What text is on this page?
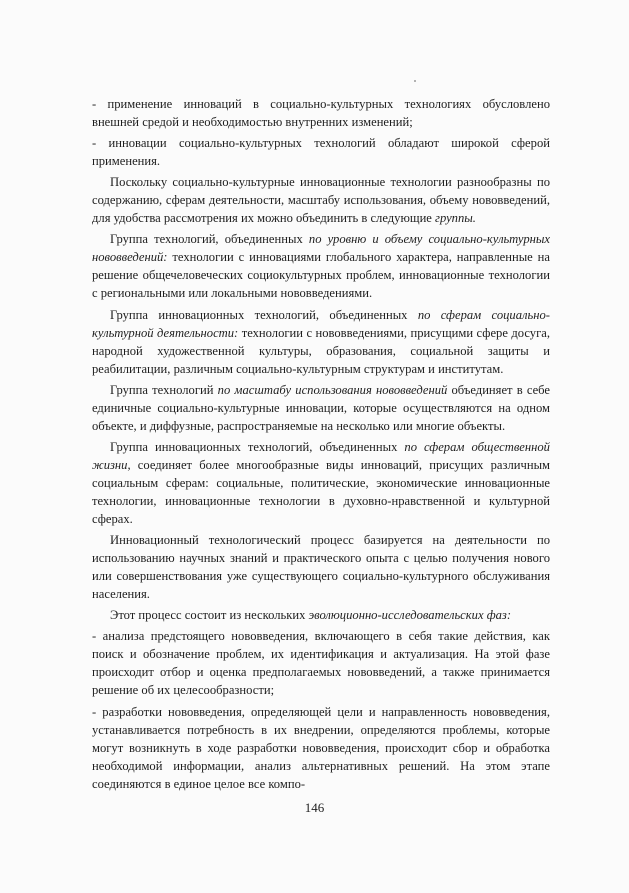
- применение инноваций в социально-культурных технологиях обусловлено внешней средой и необходимостью внутренних изменений;

- инновации социально-культурных технологий обладают широкой сферой применения.

Поскольку социально-культурные инновационные технологии разнообразны по содержанию, сферам деятельности, масштабу использования, объему нововведений, для удобства рассмотрения их можно объединить в следующие группы.

Группа технологий, объединенных по уровню и объему социально-культурных нововведений: технологии с инновациями глобального характера, направленные на решение общечеловеческих социокультурных проблем, инновационные технологии с региональными или локальными нововведениями.

Группа инновационных технологий, объединенных по сферам социально-культурной деятельности: технологии с нововведениями, присущими сфере досуга, народной художественной культуры, образования, социальной защиты и реабилитации, различным социально-культурным структурам и институтам.

Группа технологий по масштабу использования нововведений объединяет в себе единичные социально-культурные инновации, которые осуществляются на одном объекте, и диффузные, распространяемые на несколько или многие объекты.

Группа инновационных технологий, объединенных по сферам общественной жизни, соединяет более многообразные виды инноваций, присущих различным социальным сферам: социальные, политические, экономические инновационные технологии, инновационные технологии в духовно-нравственной и культурной сферах.

Инновационный технологический процесс базируется на деятельности по использованию научных знаний и практического опыта с целью получения нового или совершенствования уже существующего социально-культурного обслуживания населения.

Этот процесс состоит из нескольких эволюционно-исследовательских фаз:

- анализа предстоящего нововведения, включающего в себя такие действия, как поиск и обозначение проблем, их идентификация и актуализация. На этой фазе происходит отбор и оценка предполагаемых нововведений, а также принимается решение об их целесообразности;

- разработки нововведения, определяющей цели и направленность нововведения, устанавливается потребность в их внедрении, определяются проблемы, которые могут возникнуть в ходе разработки нововведения, происходит сбор и обработка необходимой информации, анализ альтернативных решений. На этом этапе соединяются в единое целое все компо-

146
